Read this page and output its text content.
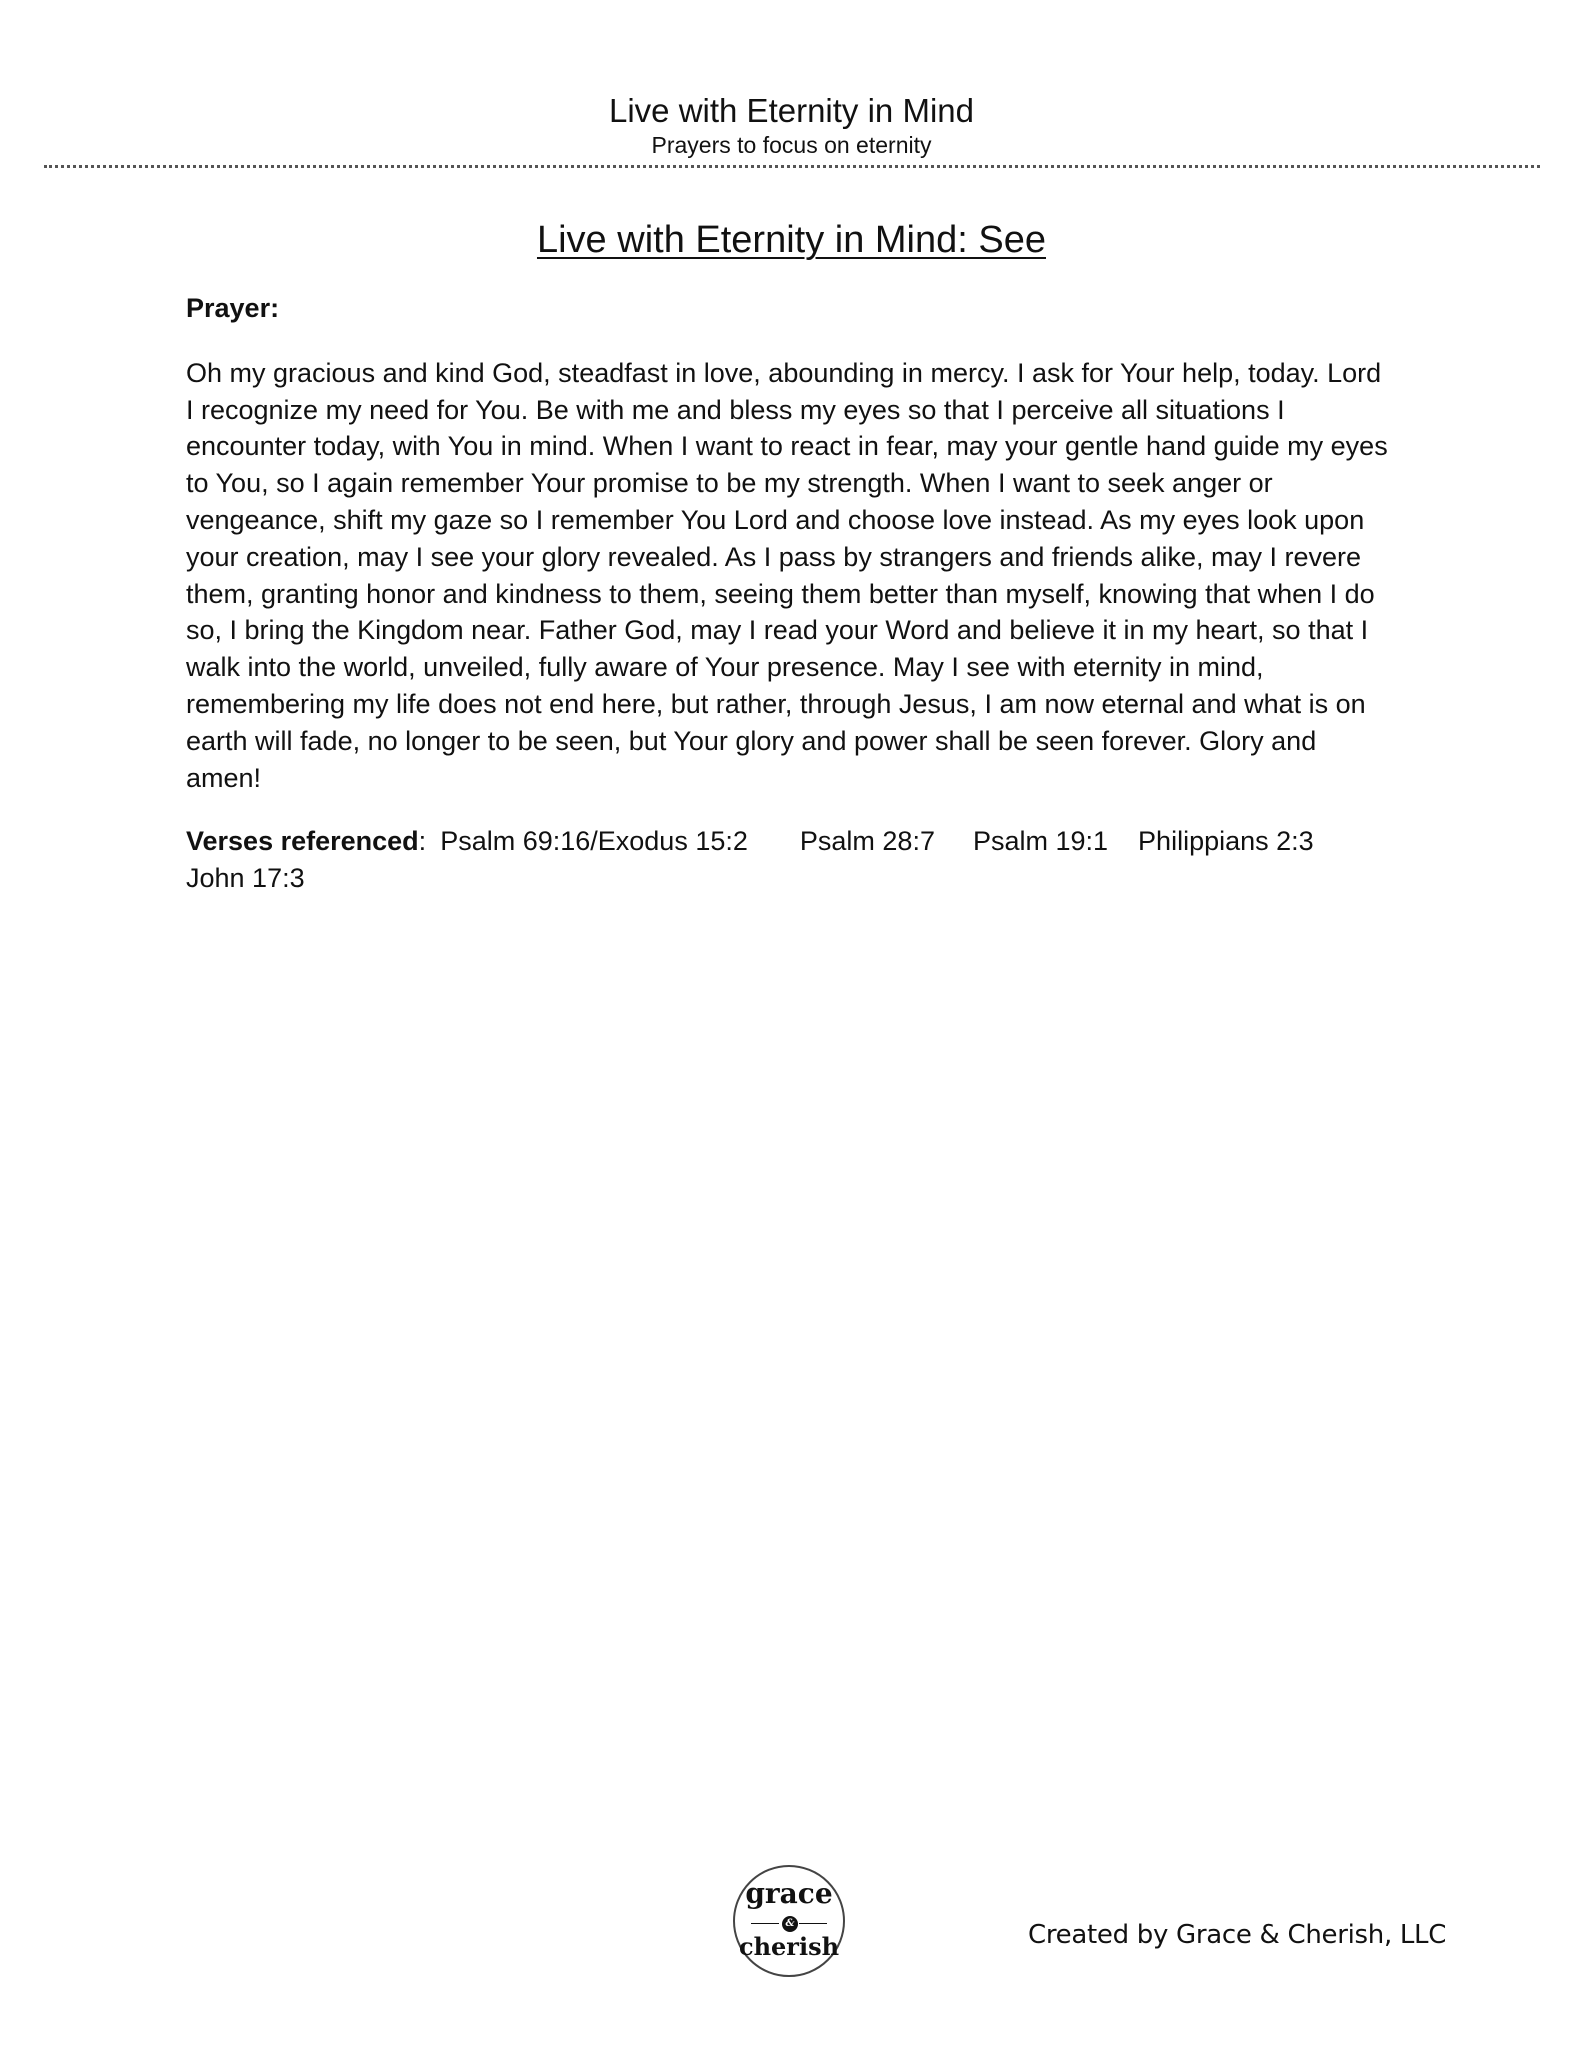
Live with Eternity in Mind

Prayers to focus on eternity

Live with Eternity in Mind: See

Prayer:

Oh my gracious and kind God, steadfast in love, abounding in mercy. I ask for Your help, today. Lord
I recognize my need for You. Be with me and bless my eyes so that I perceive all situations I
encounter today, with You in mind. When I want to react in fear, may your gentle hand guide my eyes
to You, so I again remember Your promise to be my strength. When I want to seek anger or
vengeance, shift my gaze so I remember You Lord and choose love instead. As my eyes look upon
your creation, may I see your glory revealed. As I pass by strangers and friends alike, may I revere
them, granting honor and kindness to them, seeing them better than myself, knowing that when I do
so, I bring the Kingdom near. Father God, may I read your Word and believe it in my heart, so that I
walk into the world, unveiled, fully aware of Your presence. May I see with eternity in mind,
remembering my life does not end here, but rather, through Jesus, I am now eternal and what is on
earth will fade, no longer to be seen, but Your glory and power shall be seen forever. Glory and
amen!

Verses referenced: Psalm 69:16/Exodus 15:2 Psalm 28:7 Psalm 19:1 Philippians 2:3
John 17:3

grace
&
cherish	Created by Grace & Cherish, LLC
